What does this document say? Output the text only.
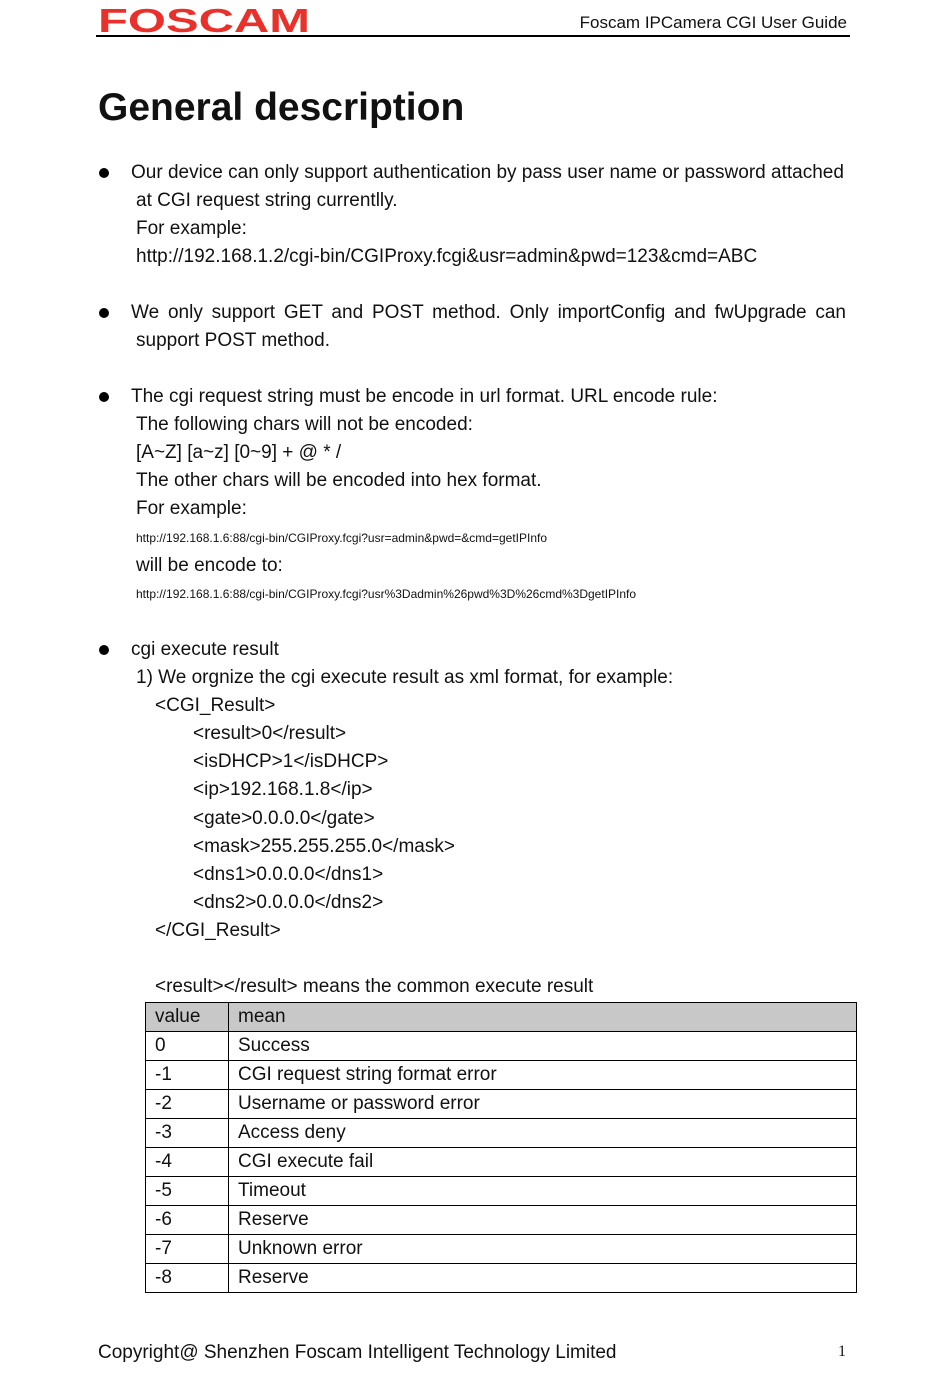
FOSCAM	Foscam IPCamera CGI User Guide
General description
Our device can only support authentication by pass user name or password attached
at CGI request string currentlly.
For example:
http://192.168.1.2/cgi-bin/CGIProxy.fcgi&usr=admin&pwd=123&cmd=ABC
We only support GET and POST method. Only importConfig and fwUpgrade can
support POST method.
The cgi request string must be encode in url format. URL encode rule:
The following chars will not be encoded:
[A~Z] [a~z] [0~9] + @ * /
The other chars will be encoded into hex format.
For example:
http://192.168.1.6:88/cgi-bin/CGIProxy.fcgi?usr=admin&pwd=&cmd=getIPInfo
will be encode to:
http://192.168.1.6:88/cgi-bin/CGIProxy.fcgi?usr%3Dadmin%26pwd%3D%26cmd%3DgetIPInfo
cgi execute result
1) We orgnize the cgi execute result as xml format, for example:
<CGI_Result>
<result>0</result>
<isDHCP>1</isDHCP>
<ip>192.168.1.8</ip>
<gate>0.0.0.0</gate>
<mask>255.255.255.0</mask>
<dns1>0.0.0.0</dns1>
<dns2>0.0.0.0</dns2>
</CGI_Result>
<result></result> means the common execute result
value	mean
0	Success
-1	CGI request string format error
-2	Username or password error
-3	Access deny
-4	CGI execute fail
-5	Timeout
-6	Reserve
-7	Unknown error
-8	Reserve
Copyright@ Shenzhen Foscam Intelligent Technology Limited	1
